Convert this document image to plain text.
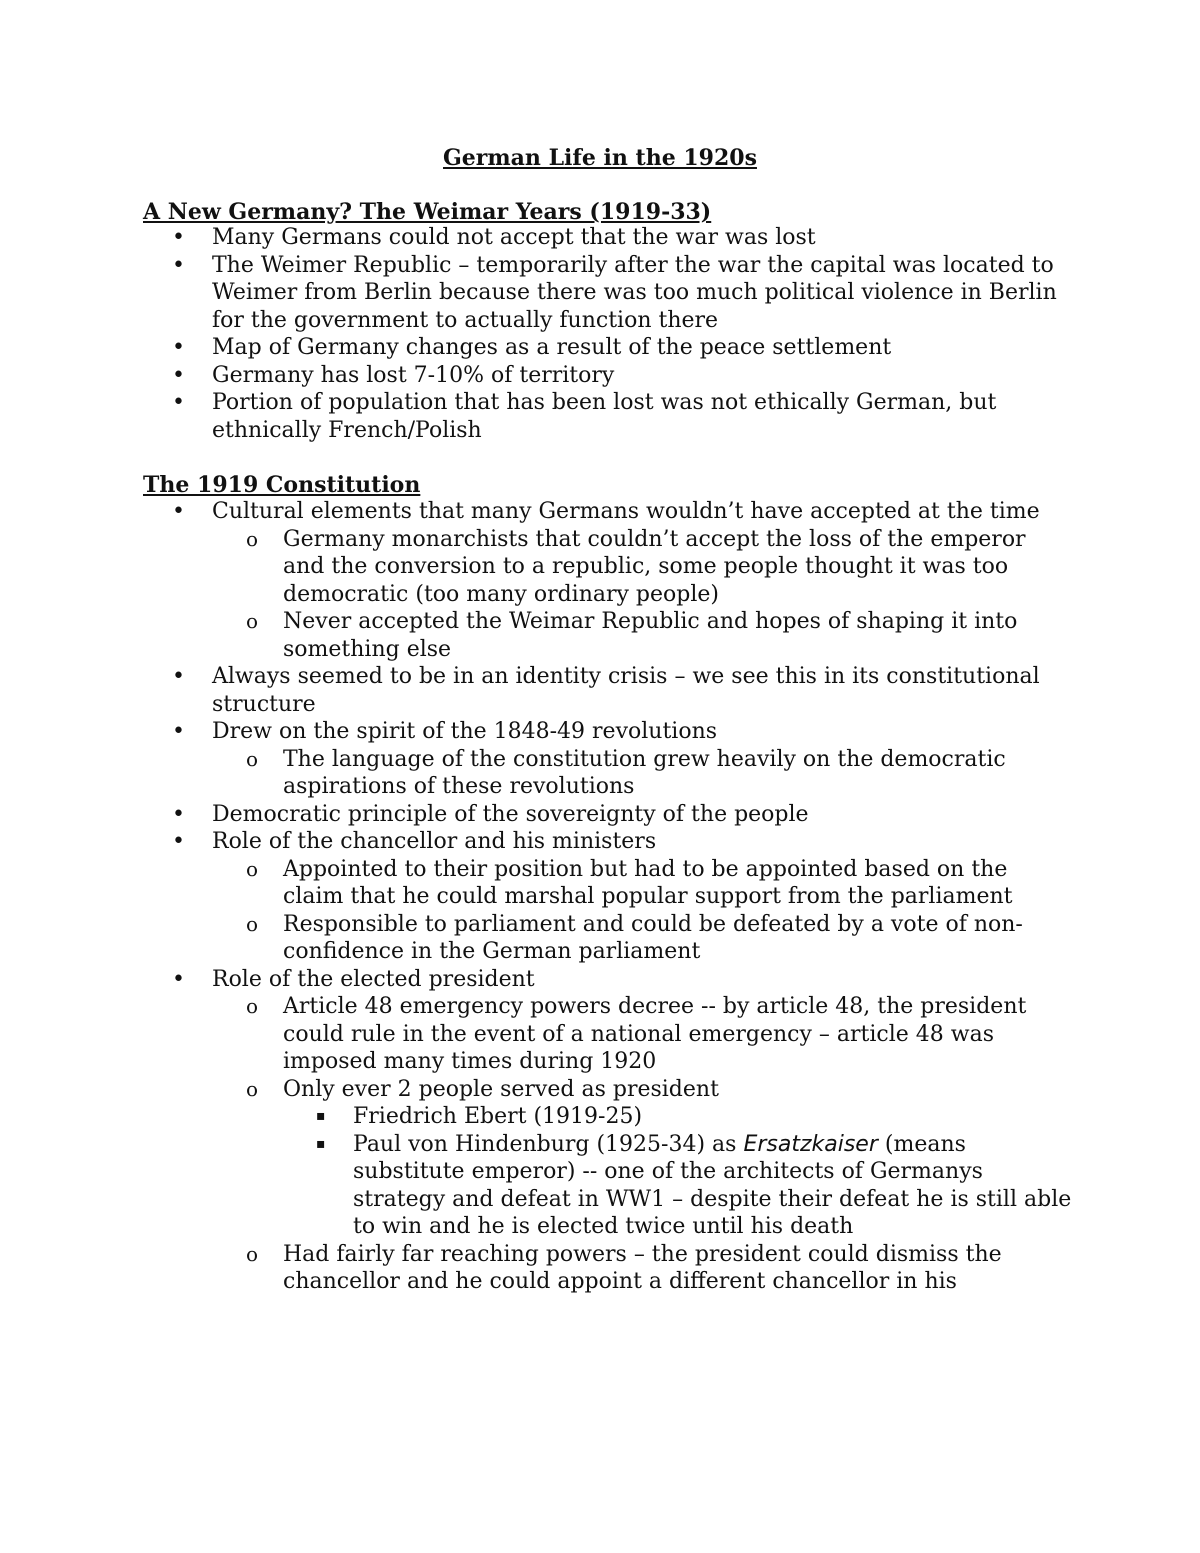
German Life in the 1920s
A New Germany? The Weimar Years (1919-33)
• Many Germans could not accept that the war was lost
• The Weimer Republic – temporarily after the war the capital was located to Weimer from Berlin because there was too much political violence in Berlin for the government to actually function there
• Map of Germany changes as a result of the peace settlement
• Germany has lost 7-10% of territory
• Portion of population that has been lost was not ethically German, but ethnically French/Polish
The 1919 Constitution
• Cultural elements that many Germans wouldn’t have accepted at the time
o Germany monarchists that couldn’t accept the loss of the emperor and the conversion to a republic, some people thought it was too democratic (too many ordinary people)
o Never accepted the Weimar Republic and hopes of shaping it into something else
• Always seemed to be in an identity crisis – we see this in its constitutional structure
• Drew on the spirit of the 1848-49 revolutions
o The language of the constitution grew heavily on the democratic aspirations of these revolutions
• Democratic principle of the sovereignty of the people
• Role of the chancellor and his ministers
o Appointed to their position but had to be appointed based on the claim that he could marshal popular support from the parliament
o Responsible to parliament and could be defeated by a vote of non-confidence in the German parliament
• Role of the elected president
o Article 48 emergency powers decree -- by article 48, the president could rule in the event of a national emergency – article 48 was imposed many times during 1920
o Only ever 2 people served as president
▪ Friedrich Ebert (1919-25)
▪ Paul von Hindenburg (1925-34) as Ersatzkaiser (means substitute emperor) -- one of the architects of Germanys strategy and defeat in WW1 – despite their defeat he is still able to win and he is elected twice until his death
o Had fairly far reaching powers – the president could dismiss the chancellor and he could appoint a different chancellor in his
